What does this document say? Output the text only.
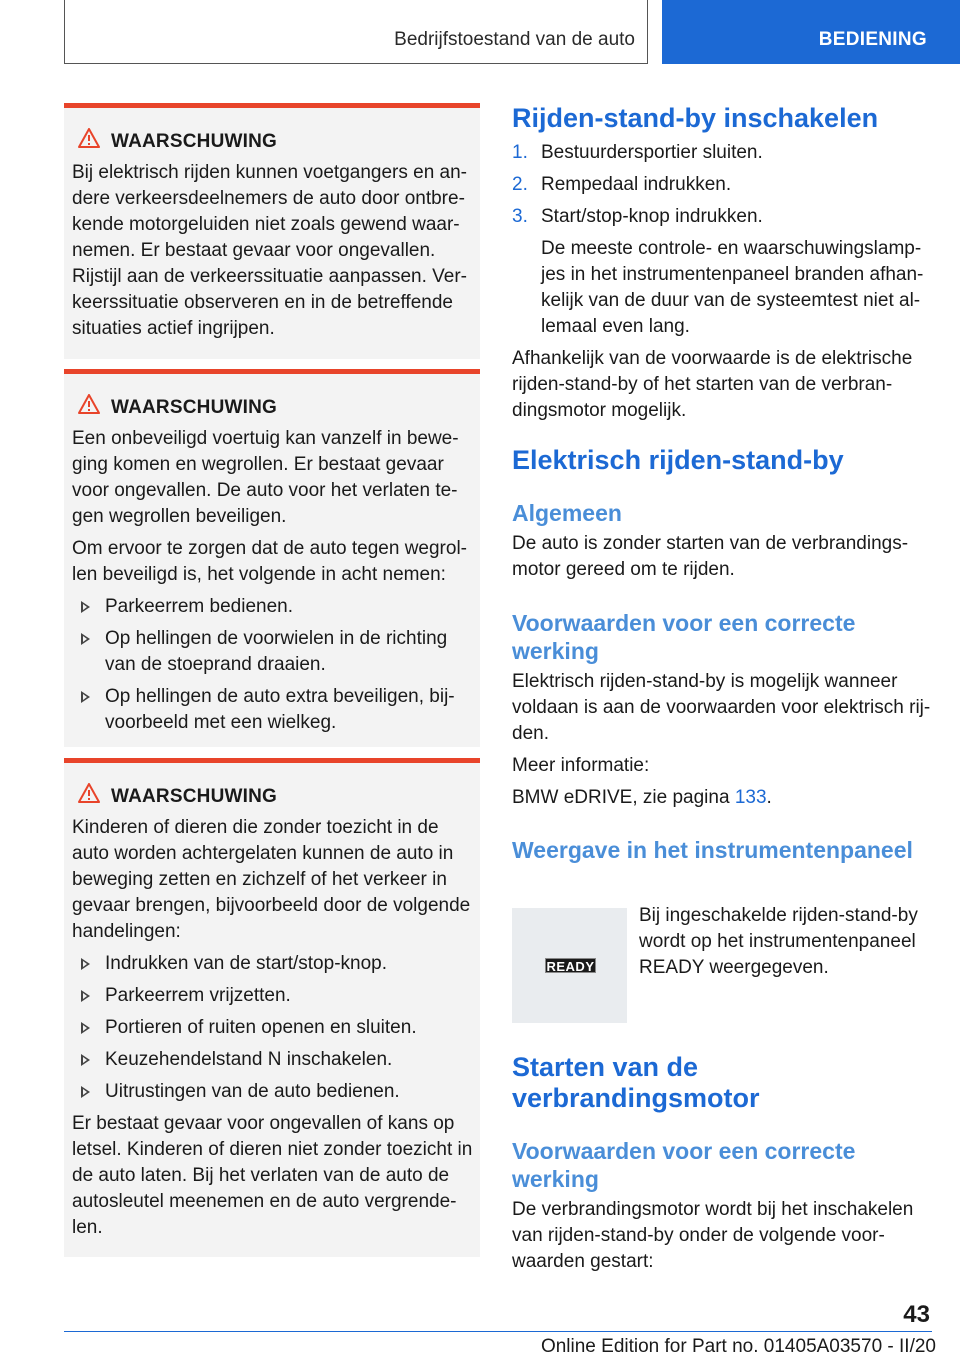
Bedrijfstoestand van de auto	BEDIENING
WAARSCHUWING

Bij elektrisch rijden kunnen voetgangers en an-dere verkeersdeelnemers de auto door ontbre-kende motorgeluiden niet zoals gewend waar-nemen. Er bestaat gevaar voor ongevallen. Rijstijl aan de verkeerssituatie aanpassen. Ver-keerssituatie observeren en in de betreffende situaties actief ingrijpen.

WAARSCHUWING

Een onbeveiligd voertuig kan vanzelf in bewe-ging komen en wegrollen. Er bestaat gevaar voor ongevallen. De auto voor het verlaten te-gen wegrollen beveiligen.

Om ervoor te zorgen dat de auto tegen wegrol-len beveiligd is, het volgende in acht nemen:

Parkeerrem bedienen.
Op hellingen de voorwielen in de richting van de stoeprand draaien.
Op hellingen de auto extra beveiligen, bij-voorbeeld met een wielkeg.
WAARSCHUWING

Kinderen of dieren die zonder toezicht in de auto worden achtergelaten kunnen de auto in beweging zetten en zichzelf of het verkeer in gevaar brengen, bijvoorbeeld door de volgende handelingen:

Indrukken van de start/stop-knop.
Parkeerrem vrijzetten.
Portieren of ruiten openen en sluiten.
Keuzehendelstand N inschakelen.
Uitrustingen van de auto bedienen.

Er bestaat gevaar voor ongevallen of kans op letsel. Kinderen of dieren niet zonder toezicht in de auto laten. Bij het verlaten van de auto de autosleutel meenemen en de auto vergrende-len.

Rijden-stand-by inschakelen
1. Bestuurdersportier sluiten.
2. Rempedaal indrukken.
3. Start/stop-knop indrukken.

De meeste controle- en waarschuwingslamp-jes in het instrumentenpaneel branden afhan-kelijk van de duur van de systeemtest niet al-lemaal even lang.

Afhankelijk van de voorwaarde is de elektrische rijden-stand-by of het starten van de verbran-dingsmotor mogelijk.

Elektrisch rijden-stand-by
Algemeen

De auto is zonder starten van de verbrandings-motor gereed om te rijden.

Voorwaarden voor een correcte werking

Elektrisch rijden-stand-by is mogelijk wanneer voldaan is aan de voorwaarden voor elektrisch rij-den.

Meer informatie:

BMW eDRIVE, zie pagina 133.

Weergave in het instrumentenpaneel
READY

Bij ingeschakelde rijden-stand-by wordt op het instrumentenpaneel READY weergegeven.

Starten van de verbrandingsmotor
Voorwaarden voor een correcte werking

De verbrandingsmotor wordt bij het inschakelen van rijden-stand-by onder de volgende voor-waarden gestart:

43
Online Edition for Part no. 01405A03570 - II/20
